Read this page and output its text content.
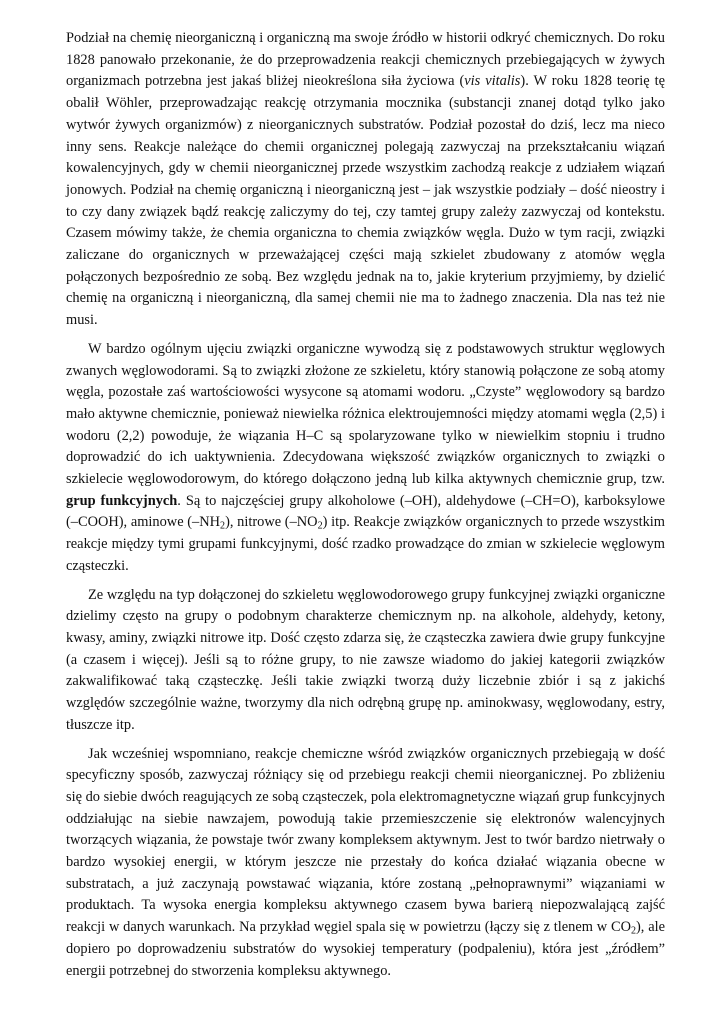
Podział na chemię nieorganiczną i organiczną ma swoje źródło w historii odkryć chemicznych. Do roku 1828 panowało przekonanie, że do przeprowadzenia reakcji chemicznych przebiegających w żywych organizmach potrzebna jest jakaś bliżej nieokreślona siła życiowa (vis vitalis). W roku 1828 teorię tę obalił Wöhler, przeprowadzając reakcję otrzymania mocznika (substancji znanej dotąd tylko jako wytwór żywych organizmów) z nieorganicznych substratów. Podział pozostał do dziś, lecz ma nieco inny sens. Reakcje należące do chemii organicznej polegają zazwyczaj na przekształcaniu wiązań kowalencyjnych, gdy w chemii nieorganicznej przede wszystkim zachodzą reakcje z udziałem wiązań jonowych. Podział na chemię organiczną i nieorganiczną jest – jak wszystkie podziały – dość nieostry i to czy dany związek bądź reakcję zaliczymy do tej, czy tamtej grupy zależy zazwyczaj od kontekstu. Czasem mówimy także, że chemia organiczna to chemia związków węgla. Dużo w tym racji, związki zaliczane do organicznych w przeważającej części mają szkielet zbudowany z atomów węgla połączonych bezpośrednio ze sobą. Bez względu jednak na to, jakie kryterium przyjmiemy, by dzielić chemię na organiczną i nieorganiczną, dla samej chemii nie ma to żadnego znaczenia. Dla nas też nie musi.

W bardzo ogólnym ujęciu związki organiczne wywodzą się z podstawowych struktur węglowych zwanych węglowodorami. Są to związki złożone ze szkieletu, który stanowią połączone ze sobą atomy węgla, pozostałe zaś wartościowości wysycone są atomami wodoru. „Czyste” węglowodory są bardzo mało aktywne chemicznie, ponieważ niewielka różnica elektroujemności między atomami węgla (2,5) i wodoru (2,2) powoduje, że wiązania H–C są spolaryzowane tylko w niewielkim stopniu i trudno doprowadzić do ich uaktywnienia. Zdecydowana większość związków organicznych to związki o szkielecie węglowodorowym, do którego dołączono jedną lub kilka aktywnych chemicznie grup, tzw. grup funkcyjnych. Są to najczęściej grupy alkoholowe (–OH), aldehydowe (–CH=O), karboksylowe (–COOH), aminowe $(-NH_2)$, nitrowe $(-NO_2)$ itp. Reakcje związków organicznych to przede wszystkim reakcje między tymi grupami funkcyjnymi, dość rzadko prowadzące do zmian w szkielecie węglowym cząsteczki.

Ze względu na typ dołączonej do szkieletu węglowodorowego grupy funkcyjnej związki organiczne dzielimy często na grupy o podobnym charakterze chemicznym np. na alkohole, aldehydy, ketony, kwasy, aminy, związki nitrowe itp. Dość często zdarza się, że cząsteczka zawiera dwie grupy funkcyjne (a czasem i więcej). Jeśli są to różne grupy, to nie zawsze wiadomo do jakiej kategorii związków zakwalifikować taką cząsteczkę. Jeśli takie związki tworzą duży liczebnie zbiór i są z jakichś względów szczególnie ważne, tworzymy dla nich odrębną grupę np. aminokwasy, węglowodany, estry, tłuszcze itp.

Jak wcześniej wspomniano, reakcje chemiczne wśród związków organicznych przebiegają w dość specyficzny sposób, zazwyczaj różniący się od przebiegu reakcji chemii nieorganicznej. Po zbliżeniu się do siebie dwóch reagujących ze sobą cząsteczek, pola elektromagnetyczne wiązań grup funkcyjnych oddziałując na siebie nawzajem, powodują takie przemieszczenie się elektronów walencyjnych tworzących wiązania, że powstaje twór zwany kompleksem aktywnym. Jest to twór bardzo nietrwały o bardzo wysokiej energii, w którym jeszcze nie przestały do końca działać wiązania obecne w substratach, a już zaczynają powstawać wiązania, które zostaną „pełnoprawnymi” wiązaniami w produktach. Ta wysoka energia kompleksu aktywnego czasem bywa barierą niepozwalającą zajść reakcji w danych warunkach. Na przykład węgiel spala się w powietrzu (łączy się z tlenem w $CO_2$), ale dopiero po doprowadzeniu substratów do wysokiej temperatury (podpaleniu), która jest „źródłem” energii potrzebnej do stworzenia kompleksu aktywnego.
